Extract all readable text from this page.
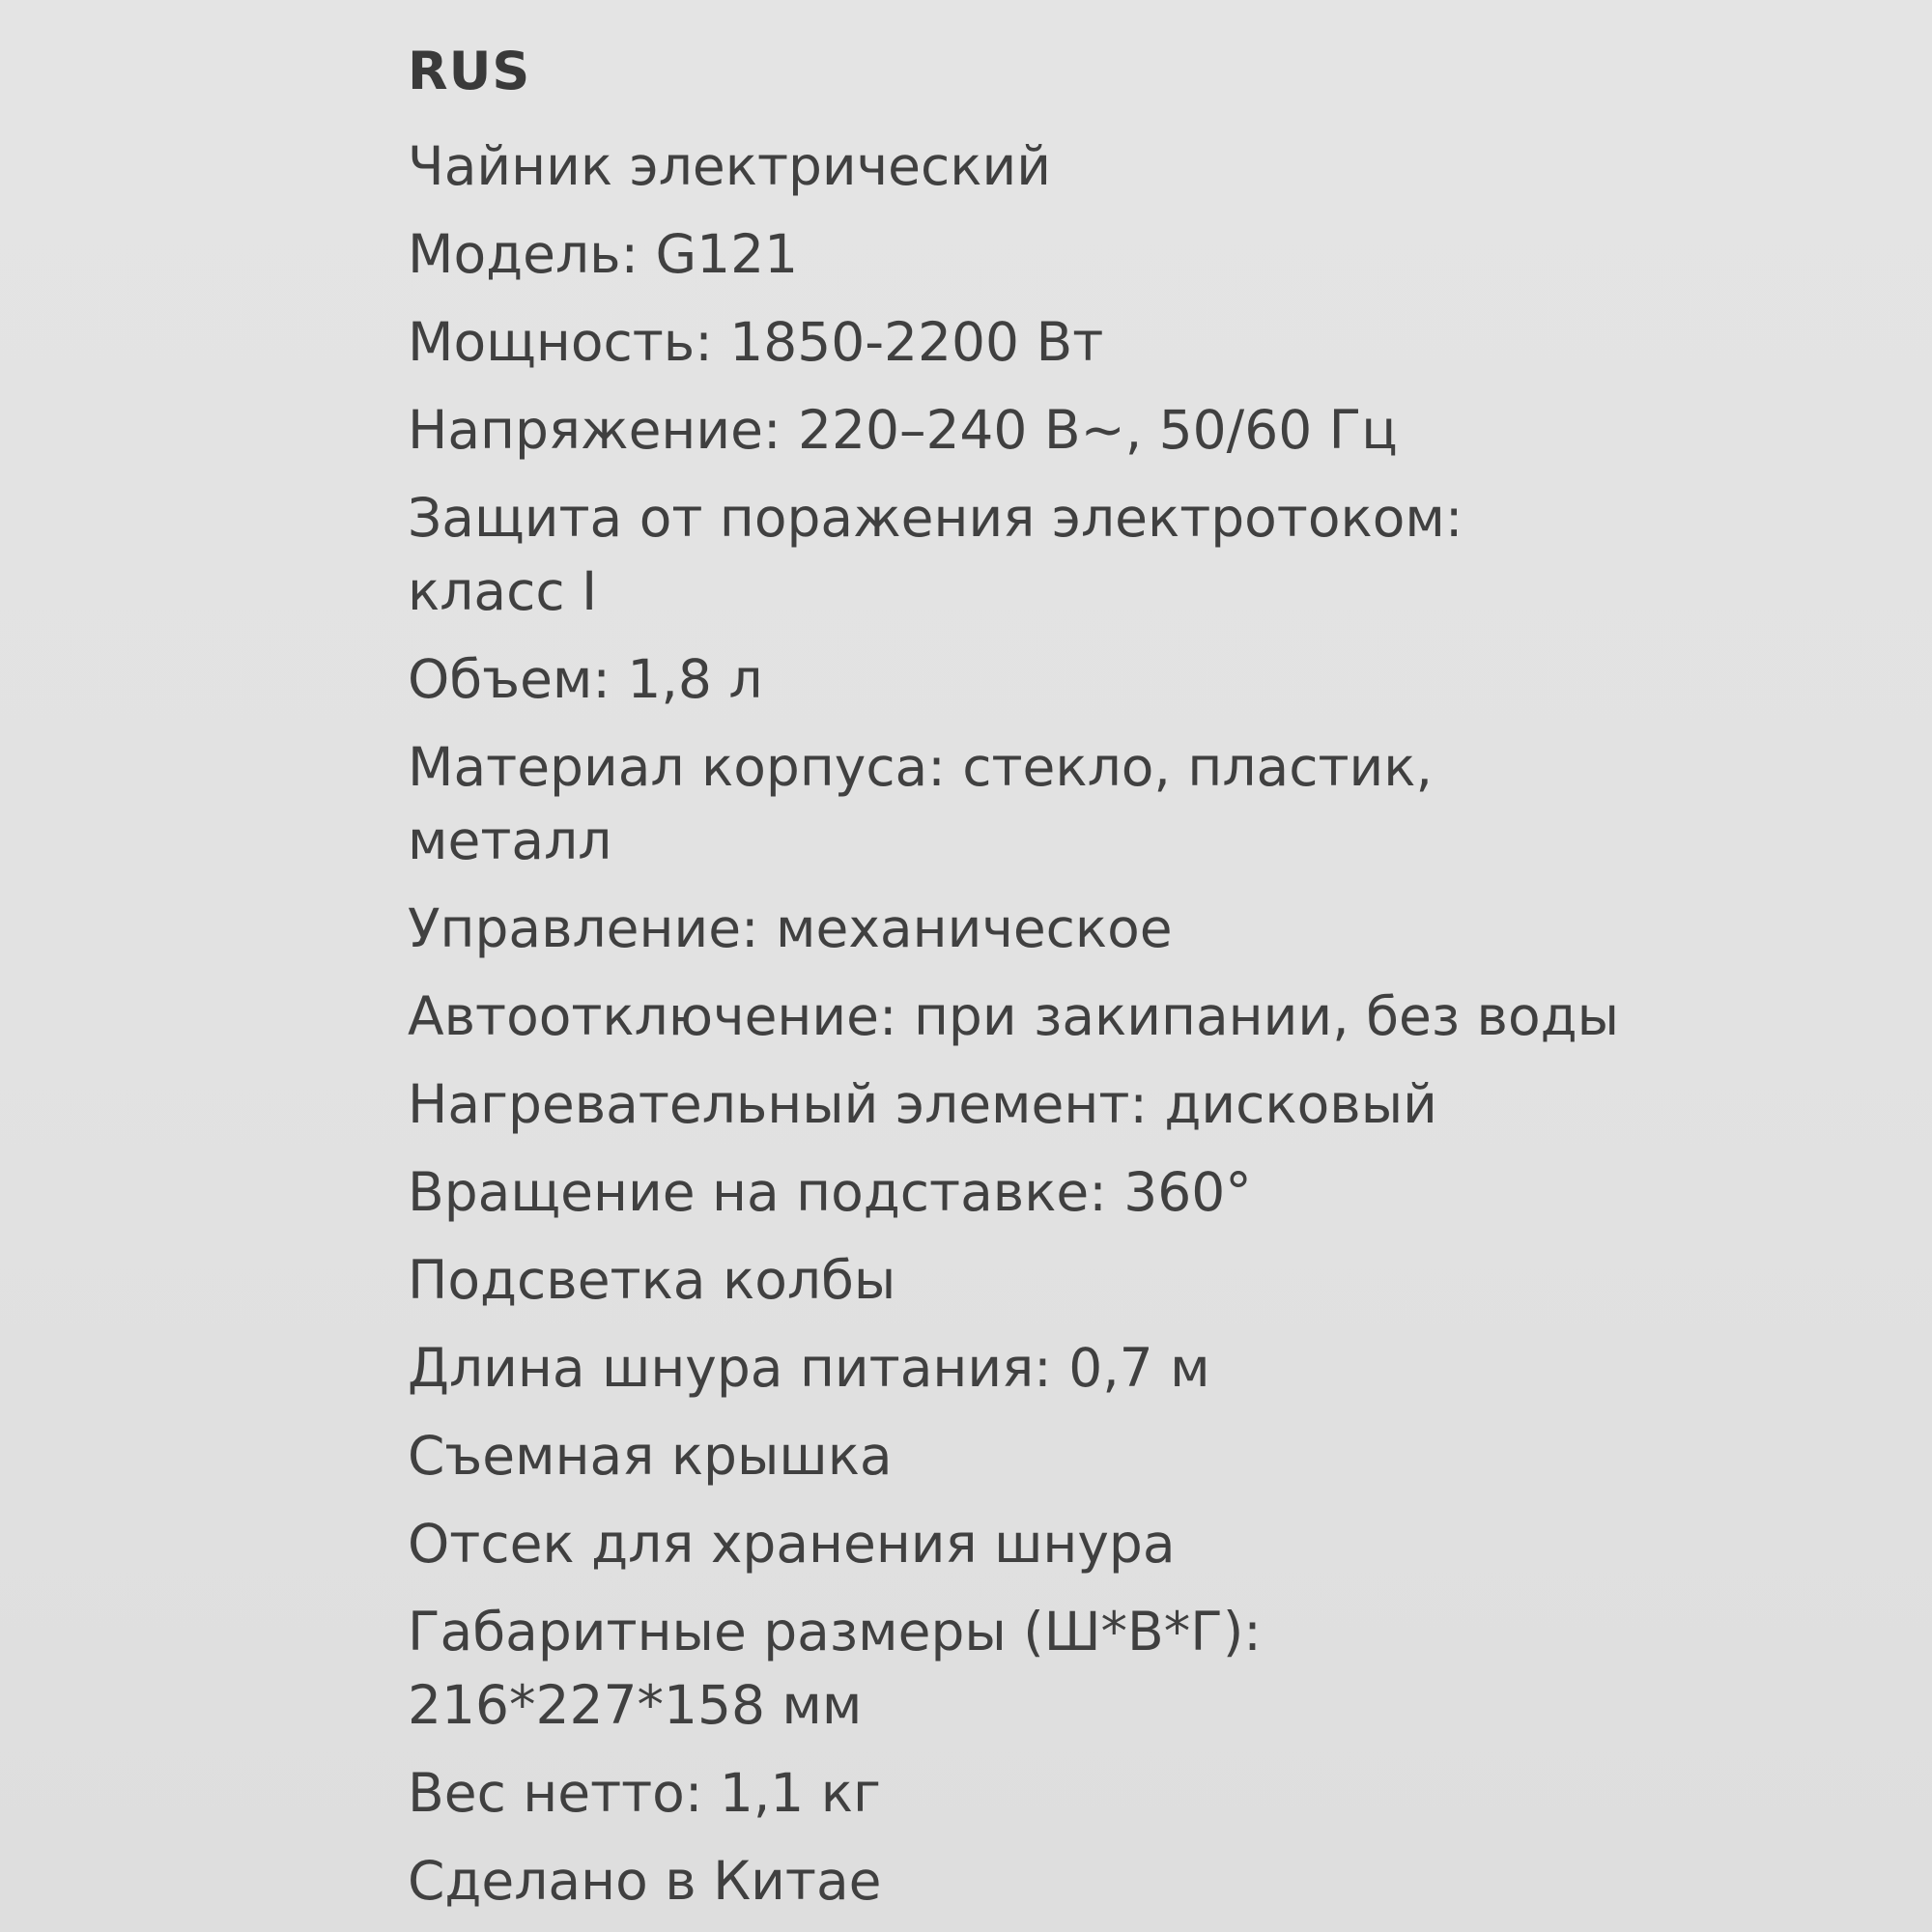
RUS
Чайник электрический
Модель: G121
Мощность: 1850-2200 Вт
Напряжение: 220–240 В~, 50/60 Гц
Защита от поражения электротоком:
класс I
Объем: 1,8 л
Материал корпуса: стекло, пластик,
металл
Управление: механическое
Автоотключение: при закипании, без воды
Нагревательный элемент: дисковый
Вращение на подставке: 360°
Подсветка колбы
Длина шнура питания: 0,7 м
Съемная крышка
Отсек для хранения шнура
Габаритные размеры (Ш*В*Г):
216*227*158 мм
Вес нетто: 1,1 кг
Сделано в Китае
